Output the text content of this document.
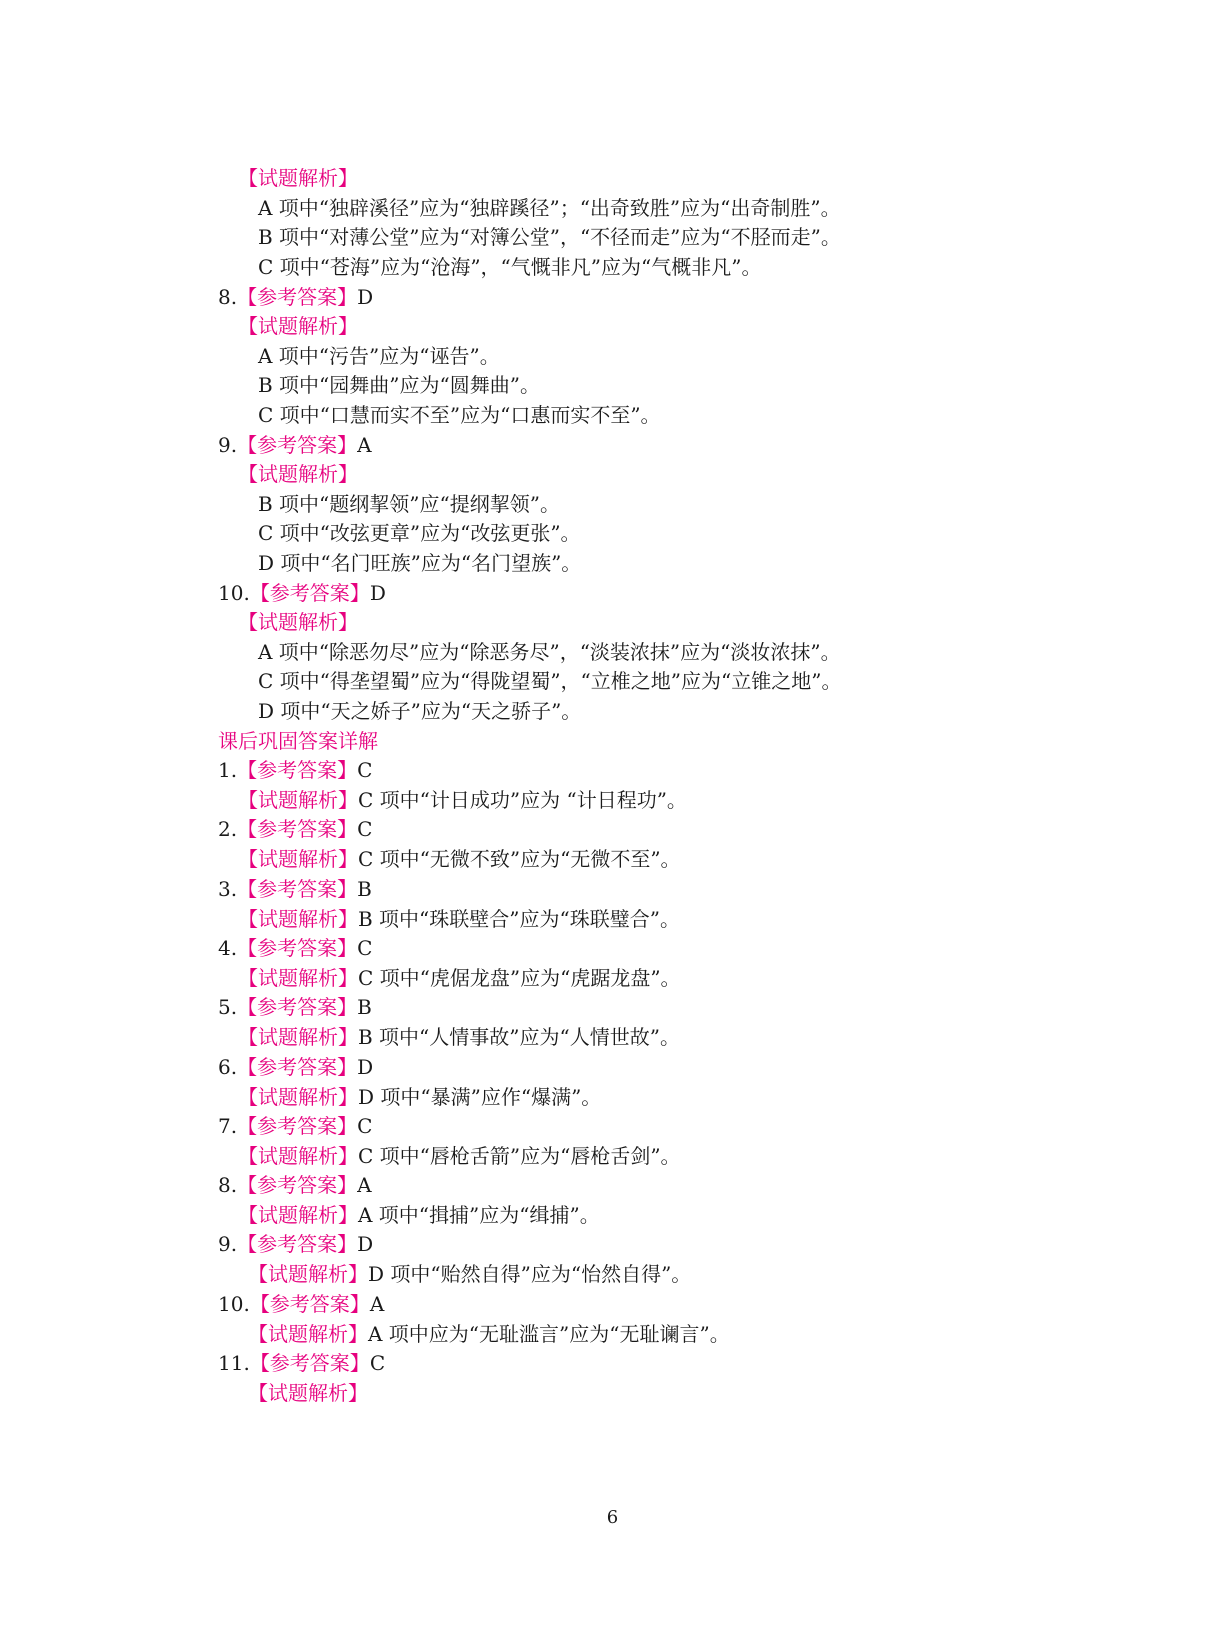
【试题解析】
A 项中“独辟溪径”应为“独辟蹊径”；“出奇致胜”应为“出奇制胜”。
B 项中“对薄公堂”应为“对簿公堂”，“不径而走”应为“不胫而走”。
C 项中“苍海”应为“沧海”，“气慨非凡”应为“气概非凡”。
8.【参考答案】D
【试题解析】
A 项中“污告”应为“诬告”。
B 项中“园舞曲”应为“圆舞曲”。
C 项中“口慧而实不至”应为“口惠而实不至”。
9.【参考答案】A
【试题解析】
B 项中“题纲挈领”应“提纲挈领”。
C 项中“改弦更章”应为“改弦更张”。
D 项中“名门旺族”应为“名门望族”。
10.【参考答案】D
【试题解析】
A 项中“除恶勿尽”应为“除恶务尽”，“淡装浓抹”应为“淡妆浓抹”。
C 项中“得垄望蜀”应为“得陇望蜀”，“立椎之地”应为“立锥之地”。
D 项中“天之娇子”应为“天之骄子”。
课后巩固答案详解
1.【参考答案】C
【试题解析】C 项中“计日成功”应为 “计日程功”。
2.【参考答案】C
【试题解析】C 项中“无微不致”应为“无微不至”。
3.【参考答案】B
【试题解析】B 项中“珠联壁合”应为“珠联璧合”。
4.【参考答案】C
【试题解析】C 项中“虎倨龙盘”应为“虎踞龙盘”。
5.【参考答案】B
【试题解析】B 项中“人情事故”应为“人情世故”。
6.【参考答案】D
【试题解析】D 项中“暴满”应作“爆满”。
7.【参考答案】C
【试题解析】C 项中“唇枪舌箭”应为“唇枪舌剑”。
8.【参考答案】A
【试题解析】A 项中“揖捕”应为“缉捕”。
9.【参考答案】D
【试题解析】D 项中“贻然自得”应为“怡然自得”。
10.【参考答案】A
【试题解析】A 项中应为“无耻滥言”应为“无耻谰言”。
11.【参考答案】C
【试题解析】
6
